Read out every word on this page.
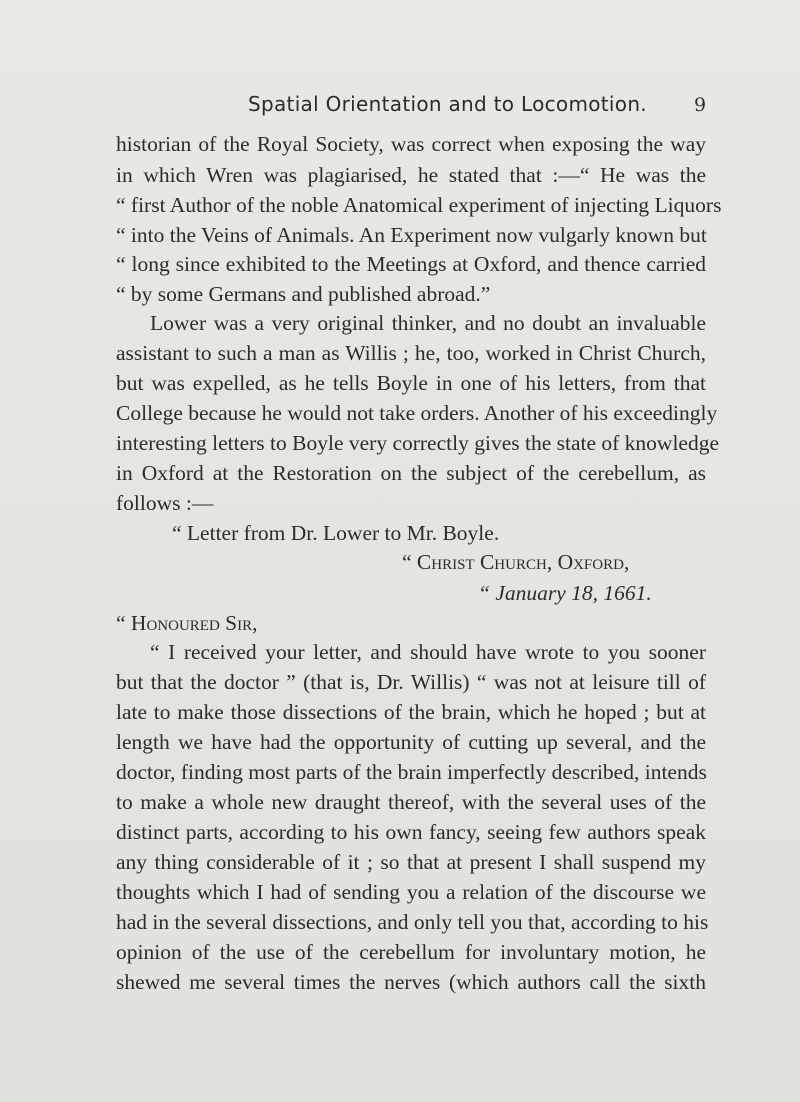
Spatial Orientation and to Locomotion. 9
historian of the Royal Society, was correct when exposing the way
in which Wren was plagiarised, he stated that :—“ He was the
“ first Author of the noble Anatomical experiment of injecting Liquors
“ into the Veins of Animals. An Experiment now vulgarly known but
“ long since exhibited to the Meetings at Oxford, and thence carried
“ by some Germans and published abroad.”
Lower was a very original thinker, and no doubt an invaluable
assistant to such a man as Willis ; he, too, worked in Christ Church,
but was expelled, as he tells Boyle in one of his letters, from that
College because he would not take orders. Another of his exceedingly
interesting letters to Boyle very correctly gives the state of knowledge
in Oxford at the Restoration on the subject of the cerebellum, as
follows :—
“ Letter from Dr. Lower to Mr. Boyle.
“ Christ Church, Oxford,
“ January 18, 1661.
“ Honoured Sir,
“ I received your letter, and should have wrote to you sooner
but that the doctor ” (that is, Dr. Willis) “ was not at leisure till of
late to make those dissections of the brain, which he hoped ; but at
length we have had the opportunity of cutting up several, and the
doctor, finding most parts of the brain imperfectly described, intends
to make a whole new draught thereof, with the several uses of the
distinct parts, according to his own fancy, seeing few authors speak
any thing considerable of it ; so that at present I shall suspend my
thoughts which I had of sending you a relation of the discourse we
had in the several dissections, and only tell you that, according to his
opinion of the use of the cerebellum for involuntary motion, he
shewed me several times the nerves (which authors call the sixth
